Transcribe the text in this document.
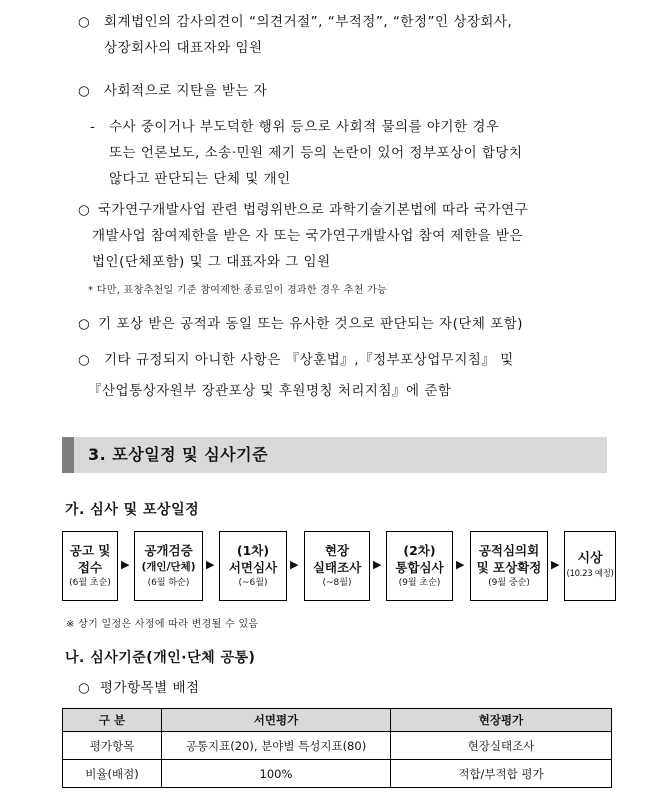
○ 회계법인의 감사의견이 “의견거절”, “부적정”, “한정”인 상장회사,
상장회사의 대표자와 임원
○ 사회적으로 지탄을 받는 자
- 수사 중이거나 부도덕한 행위 등으로 사회적 물의를 야기한 경우
또는 언론보도, 소송·민원 제기 등의 논란이 있어 정부포상이 합당치
않다고 판단되는 단체 및 개인
○ 국가연구개발사업 관련 법령위반으로 과학기술기본법에 따라 국가연구
개발사업 참여제한을 받은 자 또는 국가연구개발사업 참여 제한을 받은
법인(단체포함) 및 그 대표자와 그 임원
* 다만, 표창추천일 기준 참여제한 종료일이 경과한 경우 추천 가능
○ 기 포상 받은 공적과 동일 또는 유사한 것으로 판단되는 자(단체 포함)
○ 기타 규정되지 아니한 사항은 『상훈법』,『정부포상업무지침』 및
『산업통상자원부 장관포상 및 후원명칭 처리지침』에 준함
3. 포상일정 및 심사기준
가. 심사 및 포상일정
공고 및
접수
(6월 초순)
▶
공개검증
(개인/단체)
(6월 하순)
▶
(1차)
서면심사
(~6월)
▶
현장
실태조사
(~8월)
▶
(2차)
통합심사
(9월 초순)
▶
공적심의회
및 포상확정
(9월 중순)
▶ 시상
(10.23 예정)
※ 상기 일정은 사정에 따라 변경될 수 있음
나. 심사기준(개인·단체 공통)
○ 평가항목별 배점
구 분	서면평가	현장평가
평가항목	공통지표(20), 분야별 특성지표(80)	현장실태조사
비율(배점)	100%	적합/부적합 평가
